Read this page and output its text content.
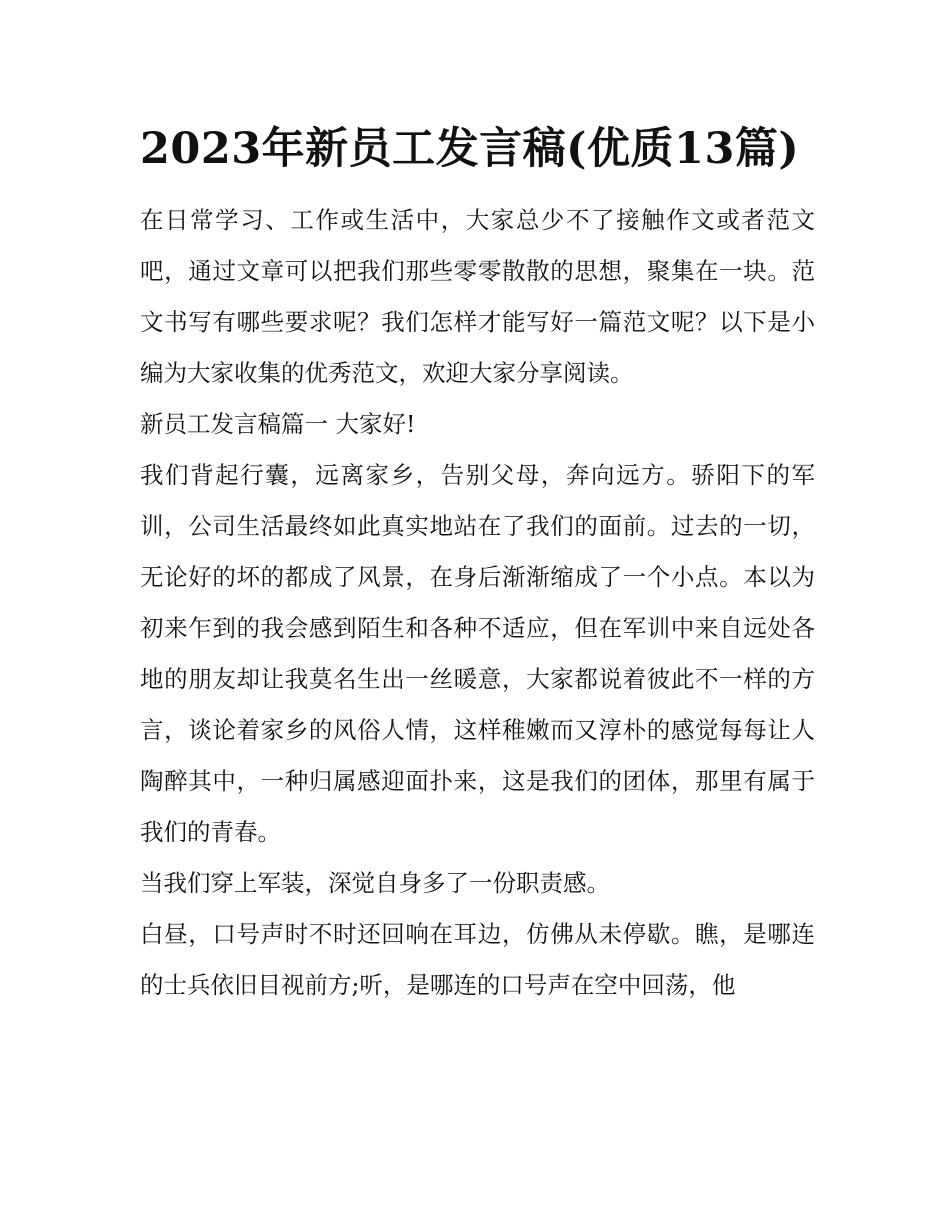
2023年新员工发言稿(优质13篇)

在日常学习、工作或生活中，大家总少不了接触作文或者范文吧，通过文章可以把我们那些零零散散的思想，聚集在一块。范文书写有哪些要求呢？我们怎样才能写好一篇范文呢？以下是小编为大家收集的优秀范文，欢迎大家分享阅读。

新员工发言稿篇一 大家好!

我们背起行囊，远离家乡，告别父母，奔向远方。骄阳下的军训，公司生活最终如此真实地站在了我们的面前。过去的一切，无论好的坏的都成了风景，在身后渐渐缩成了一个小点。本以为初来乍到的我会感到陌生和各种不适应，但在军训中来自远处各地的朋友却让我莫名生出一丝暖意，大家都说着彼此不一样的方言，谈论着家乡的风俗人情，这样稚嫩而又淳朴的感觉每每让人陶醉其中，一种归属感迎面扑来，这是我们的团体，那里有属于我们的青春。

当我们穿上军装，深觉自身多了一份职责感。

白昼，口号声时不时还回响在耳边，仿佛从未停歇。瞧，是哪连的士兵依旧目视前方;听，是哪连的口号声在空中回荡，他
